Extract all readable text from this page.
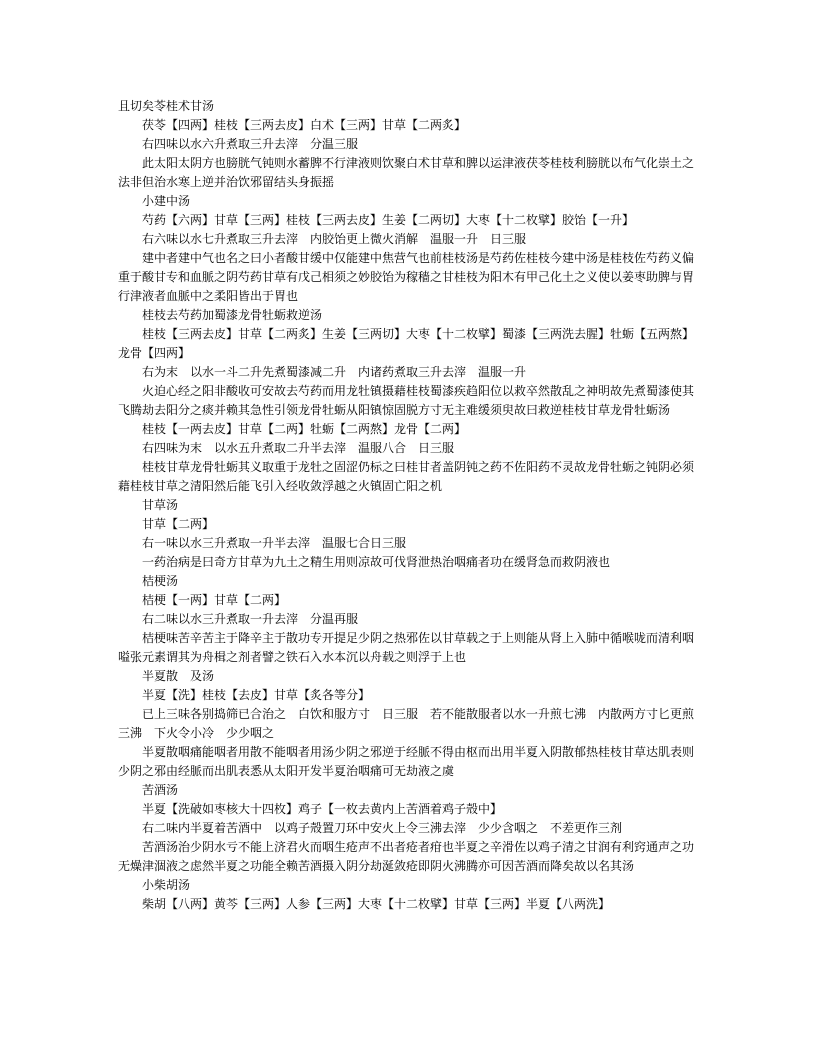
且切矣苓桂术甘汤

茯苓【四两】桂枝【三两去皮】白术【三两】甘草【二两炙】

右四味以水六升煮取三升去滓　分温三服

此太阳太阴方也膀胱气钝则水蓄脾不行津液则饮聚白术甘草和脾以运津液茯苓桂枝利膀胱以布气化崇土之法非但治水寒上逆并治饮邪留结头身振摇

小建中汤

芍药【六两】甘草【三两】桂枝【三两去皮】生姜【二两切】大枣【十二枚擘】胶饴【一升】

右六味以水七升煮取三升去滓　内胶饴更上微火消解　温服一升　日三服

建中者建中气也名之曰小者酸甘缓中仅能建中焦营气也前桂枝汤是芍药佐桂枝今建中汤是桂枝佐芍药义偏重于酸甘专和血脈之阴芍药甘草有戊己相须之妙胶饴为稼穑之甘桂枝为阳木有甲己化土之义使以姜枣助脾与胃行津液者血脈中之柔阳皆出于胃也

桂枝去芍药加蜀漆龙骨牡蛎救逆汤

桂枝【三两去皮】甘草【二两炙】生姜【三两切】大枣【十二枚擘】蜀漆【三两洗去腥】牡蛎【五两熬】龙骨【四两】

右为末　以水一斗二升先煮蜀漆减二升　内诸药煮取三升去滓　温服一升

火迫心经之阳非酸收可安故去芍药而用龙牡镇摄藉桂枝蜀漆疾趋阳位以救卒然散乱之神明故先煮蜀漆使其飞腾劫去阳分之痰并赖其急性引领龙骨牡蛎从阳镇惊固脱方寸无主难缓须臾故曰救逆桂枝甘草龙骨牡蛎汤

桂枝【一两去皮】甘草【二两】牡蛎【二两熬】龙骨【二两】

右四味为末　以水五升煮取二升半去滓　温服八合　日三服

桂枝甘草龙骨牡蛎其义取重于龙牡之固涩仍标之曰桂甘者盖阴钝之药不佐阳药不灵故龙骨牡蛎之钝阴必须藉桂枝甘草之清阳然后能飞引入经收敛浮越之火镇固亡阳之机

甘草汤

甘草【二两】

右一味以水三升煮取一升半去滓　温服七合日三服

一药治病是曰奇方甘草为九土之精生用则凉故可伐肾泄热治咽痛者功在缓肾急而救阴液也

桔梗汤

桔梗【一两】甘草【二两】

右二味以水三升煮取一升去滓　分温再服

桔梗味苦辛苦主于降辛主于散功专开提足少阴之热邪佐以甘草载之于上则能从肾上入肺中循喉咙而清利咽嗌张元素谓其为舟楫之剂者譬之铁石入水本沉以舟载之则浮于上也

半夏散　及汤

半夏【洗】桂枝【去皮】甘草【炙各等分】

已上三味各别捣筛已合治之　白饮和服方寸　日三服　若不能散服者以水一升煎七沸　内散两方寸匕更煎三沸　下火令小冷　少少咽之

半夏散咽痛能咽者用散不能咽者用汤少阴之邪逆于经脈不得由枢而出用半夏入阴散郁热桂枝甘草达肌表则少阴之邪由经脈而出肌表悉从太阳开发半夏治咽痛可无劫液之虞

苦酒汤

半夏【洗破如枣核大十四枚】鸡子【一枚去黄内上苦酒着鸡子殼中】

右二味内半夏着苦酒中　以鸡子殼置刀环中安火上令三沸去滓　少少含咽之　不差更作三剂

苦酒汤治少阴水亏不能上济君火而咽生疮声不出者疮者疳也半夏之辛滑佐以鸡子清之甘润有利窍通声之功无燥津涸液之虑然半夏之功能全赖苦酒摄入阴分劫涎敛疮即阴火沸腾亦可因苦酒而降矣故以名其汤

小柴胡汤

柴胡【八两】黄芩【三两】人参【三两】大枣【十二枚擘】甘草【三两】半夏【八两洗】
